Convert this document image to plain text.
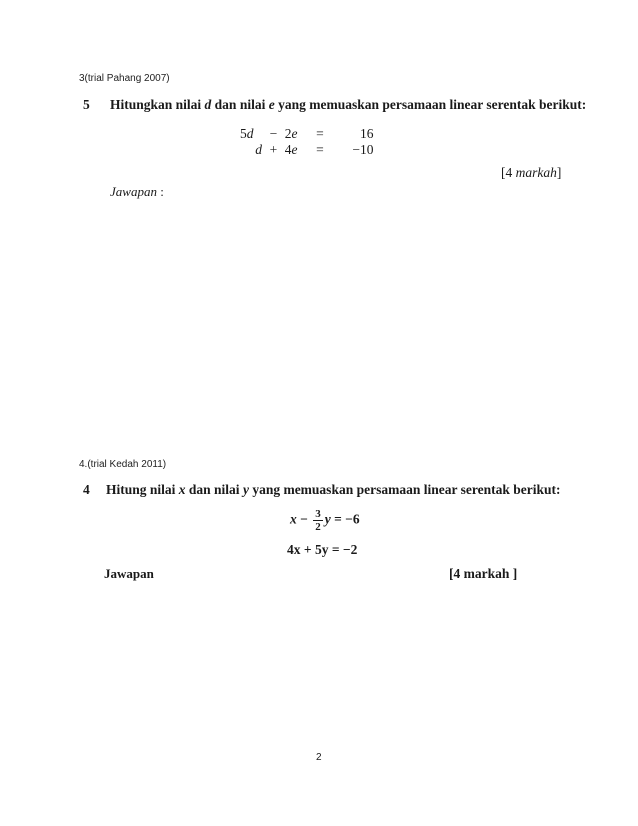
3(trial Pahang 2007)
5 Hitungkan nilai d dan nilai e yang memuaskan persamaan linear serentak berikut:
5d − 2e =	16
d + 4e = −10
[4 markah]
Jawapan :
4.(trial Kedah 2011)
4 Hitung nilai x dan nilai y yang memuaskan persamaan linear serentak berikut:
$x - \frac{3}{2}$ y = −6
4x + 5y = −2
Jawapan	[4 markah ]
2
